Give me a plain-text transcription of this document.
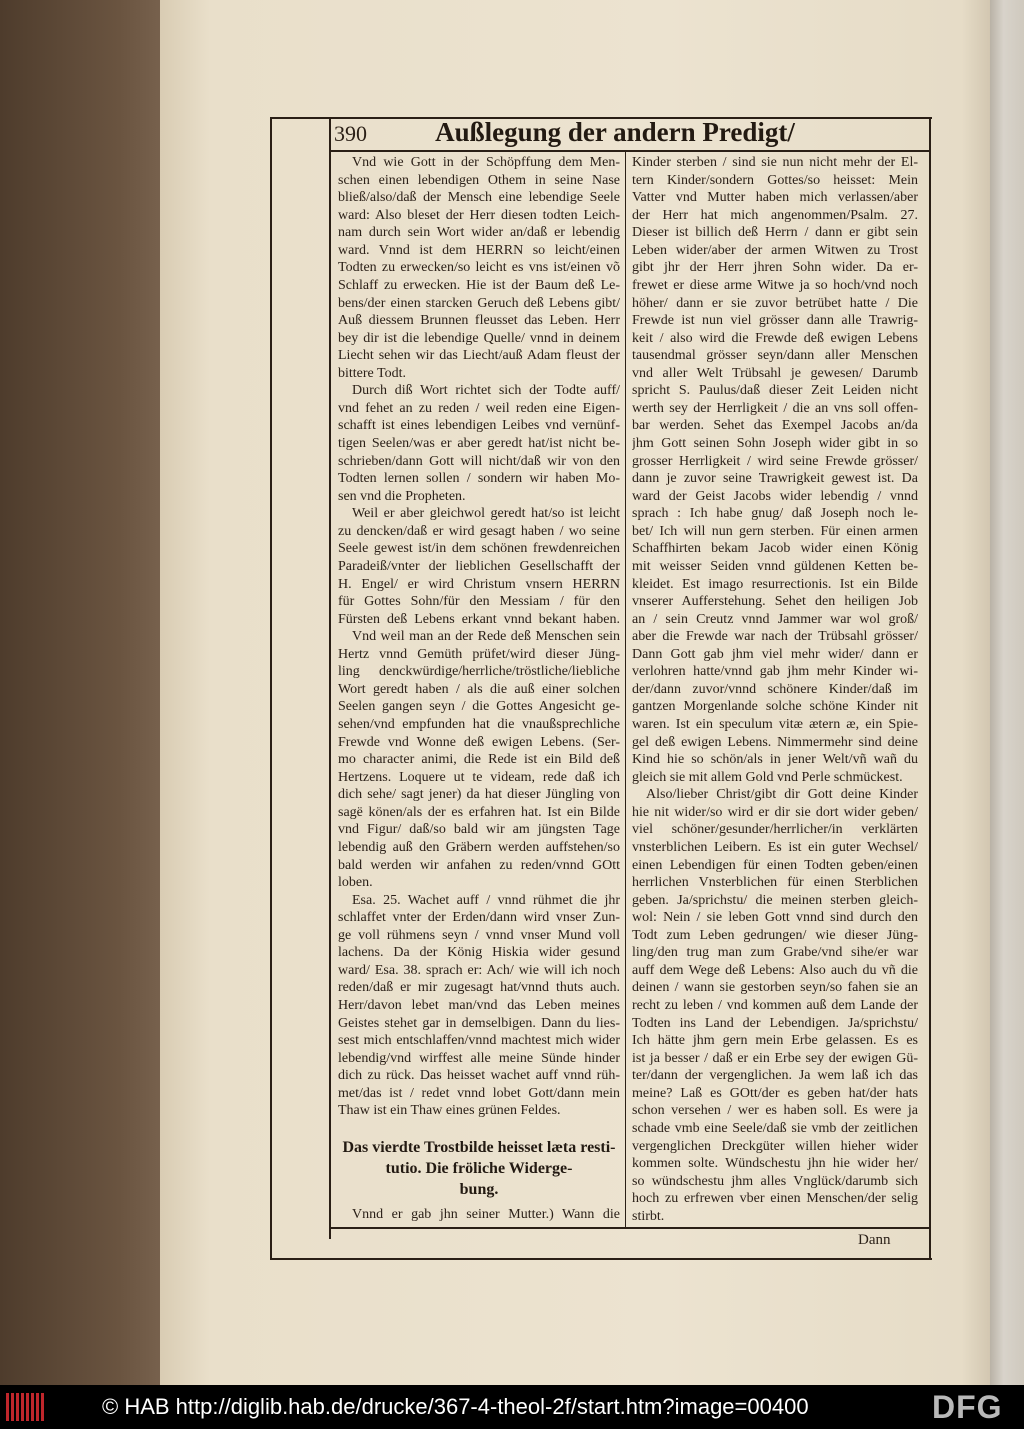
390	Außlegung der andern Predigt/
Vnd wie Gott in der Schöpffung dem Men-
schen einen lebendigen Othem in seine Nase
bließ/also/daß der Mensch eine lebendige Seele
ward: Also bleset der Herr diesen todten Leich-
nam durch sein Wort wider an/daß er lebendig
ward. Vnnd ist dem HERRN so leicht/einen
Todten zu erwecken/so leicht es vns ist/einen võ
Schlaff zu erwecken. Hie ist der Baum deß Le-
bens/der einen starcken Geruch deß Lebens gibt/
Auß diessem Brunnen fleusset das Leben. Herr
bey dir ist die lebendige Quelle/ vnnd in deinem
Liecht sehen wir das Liecht/auß Adam fleust der
bittere Todt.
Durch diß Wort richtet sich der Todte auff/
vnd fehet an zu reden / weil reden eine Eigen-
schafft ist eines lebendigen Leibes vnd vernünf-
tigen Seelen/was er aber geredt hat/ist nicht be-
schrieben/dann Gott will nicht/daß wir von den
Todten lernen sollen / sondern wir haben Mo-
sen vnd die Propheten.
Weil er aber gleichwol geredt hat/so ist leicht
zu dencken/daß er wird gesagt haben / wo seine
Seele gewest ist/in dem schönen frewdenreichen
Paradeiß/vnter der lieblichen Gesellschafft der
H. Engel/ er wird Christum vnsern HERRN
für Gottes Sohn/für den Messiam / für den
Fürsten deß Lebens erkant vnnd bekant haben.
Vnd weil man an der Rede deß Menschen sein
Hertz vnnd Gemüth prüfet/wird dieser Jüng-
ling denckwürdige/herrliche/tröstliche/liebliche
Wort geredt haben / als die auß einer solchen
Seelen gangen seyn / die Gottes Angesicht ge-
sehen/vnd empfunden hat die vnaußsprechliche
Frewde vnd Wonne deß ewigen Lebens. (Ser-
mo character animi, die Rede ist ein Bild deß
Hertzens. Loquere ut te videam, rede daß ich
dich sehe/ sagt jener) da hat dieser Jüngling von
sagë könen/als der es erfahren hat. Ist ein Bilde
vnd Figur/ daß/so bald wir am jüngsten Tage
lebendig auß den Gräbern werden auffstehen/so
bald werden wir anfahen zu reden/vnnd GOtt
loben.
Esa. 25. Wachet auff / vnnd rühmet die jhr
schlaffet vnter der Erden/dann wird vnser Zun-
ge voll rühmens seyn / vnnd vnser Mund voll
lachens. Da der König Hiskia wider gesund
ward/ Esa. 38. sprach er: Ach/ wie will ich noch
reden/daß er mir zugesagt hat/vnnd thuts auch.
Herr/davon lebet man/vnd das Leben meines
Geistes stehet gar in demselbigen. Dann du lies-
sest mich entschlaffen/vnnd machtest mich wider
lebendig/vnd wirffest alle meine Sünde hinder
dich zu rück. Das heisset wachet auff vnnd rüh-
met/das ist / redet vnnd lobet Gott/dann mein
Thaw ist ein Thaw eines grünen Feldes.
Kinder sterben / sind sie nun nicht mehr der El-
tern Kinder/sondern Gottes/so heisset: Mein
Vatter vnd Mutter haben mich verlassen/aber
der Herr hat mich angenommen/Psalm. 27.
Dieser ist billich deß Herrn / dann er gibt sein
Leben wider/aber der armen Witwen zu Trost
gibt jhr der Herr jhren Sohn wider. Da er-
frewet er diese arme Witwe ja so hoch/vnd noch
höher/ dann er sie zuvor betrübet hatte / Die
Frewde ist nun viel grösser dann alle Trawrig-
keit / also wird die Frewde deß ewigen Lebens
tausendmal grösser seyn/dann aller Menschen
vnd aller Welt Trübsahl je gewesen/ Darumb
spricht S. Paulus/daß dieser Zeit Leiden nicht
werth sey der Herrligkeit / die an vns soll offen-
bar werden. Sehet das Exempel Jacobs an/da
jhm Gott seinen Sohn Joseph wider gibt in so
grosser Herrligkeit / wird seine Frewde grösser/
dann je zuvor seine Trawrigkeit gewest ist. Da
ward der Geist Jacobs wider lebendig / vnnd
sprach : Ich habe gnug/ daß Joseph noch le-
bet/ Ich will nun gern sterben. Für einen armen
Schaffhirten bekam Jacob wider einen König
mit weisser Seiden vnnd güldenen Ketten be-
kleidet. Est imago resurrectionis. Ist ein Bilde
vnserer Aufferstehung. Sehet den heiligen Job
an / sein Creutz vnnd Jammer war wol groß/
aber die Frewde war nach der Trübsahl grösser/
Dann Gott gab jhm viel mehr wider/ dann er
verlohren hatte/vnnd gab jhm mehr Kinder wi-
der/dann zuvor/vnnd schönere Kinder/daß im
gantzen Morgenlande solche schöne Kinder nit
waren. Ist ein speculum vitæ ætern æ, ein Spie-
gel deß ewigen Lebens. Nimmermehr sind deine
Kind hie so schön/als in jener Welt/vñ wañ du
gleich sie mit allem Gold vnd Perle schmückest.
Also/lieber Christ/gibt dir Gott deine Kinder
hie nit wider/so wird er dir sie dort wider geben/
viel schöner/gesunder/herrlicher/in verklärten
vnsterblichen Leibern. Es ist ein guter Wechsel/
einen Lebendigen für einen Todten geben/einen
herrlichen Vnsterblichen für einen Sterblichen
geben. Ja/sprichstu/ die meinen sterben gleich-
wol: Nein / sie leben Gott vnnd sind durch den
Todt zum Leben gedrungen/ wie dieser Jüng-
ling/den trug man zum Grabe/vnd sihe/er war
auff dem Wege deß Lebens: Also auch du vñ die
deinen / wann sie gestorben seyn/so fahen sie an
recht zu leben / vnd kommen auß dem Lande der
Todten ins Land der Lebendigen. Ja/sprichstu/
Ich hätte jhm gern mein Erbe gelassen. Es es
ist ja besser / daß er ein Erbe sey der ewigen Gü-
ter/dann der vergenglichen. Ja wem laß ich das
meine? Laß es GOtt/der es geben hat/der hats
schon versehen / wer es haben soll. Es were ja
schade vmb eine Seele/daß sie vmb der zeitlichen
vergenglichen Dreckgüter willen hieher wider
kommen solte. Wündschestu jhn hie wider her/
so wündschestu jhm alles Vnglück/darumb sich
hoch zu erfrewen vber einen Menschen/der selig
stirbt.
Das vierdte Trostbilde heisset læta resti-
tutio. Die fröliche Widerge-
bung.
Vnnd er gab jhn seiner Mutter.) Wann die
Dann
© HAB http://diglib.hab.de/drucke/367-4-theol-2f/start.htm?image=00400	DFG
